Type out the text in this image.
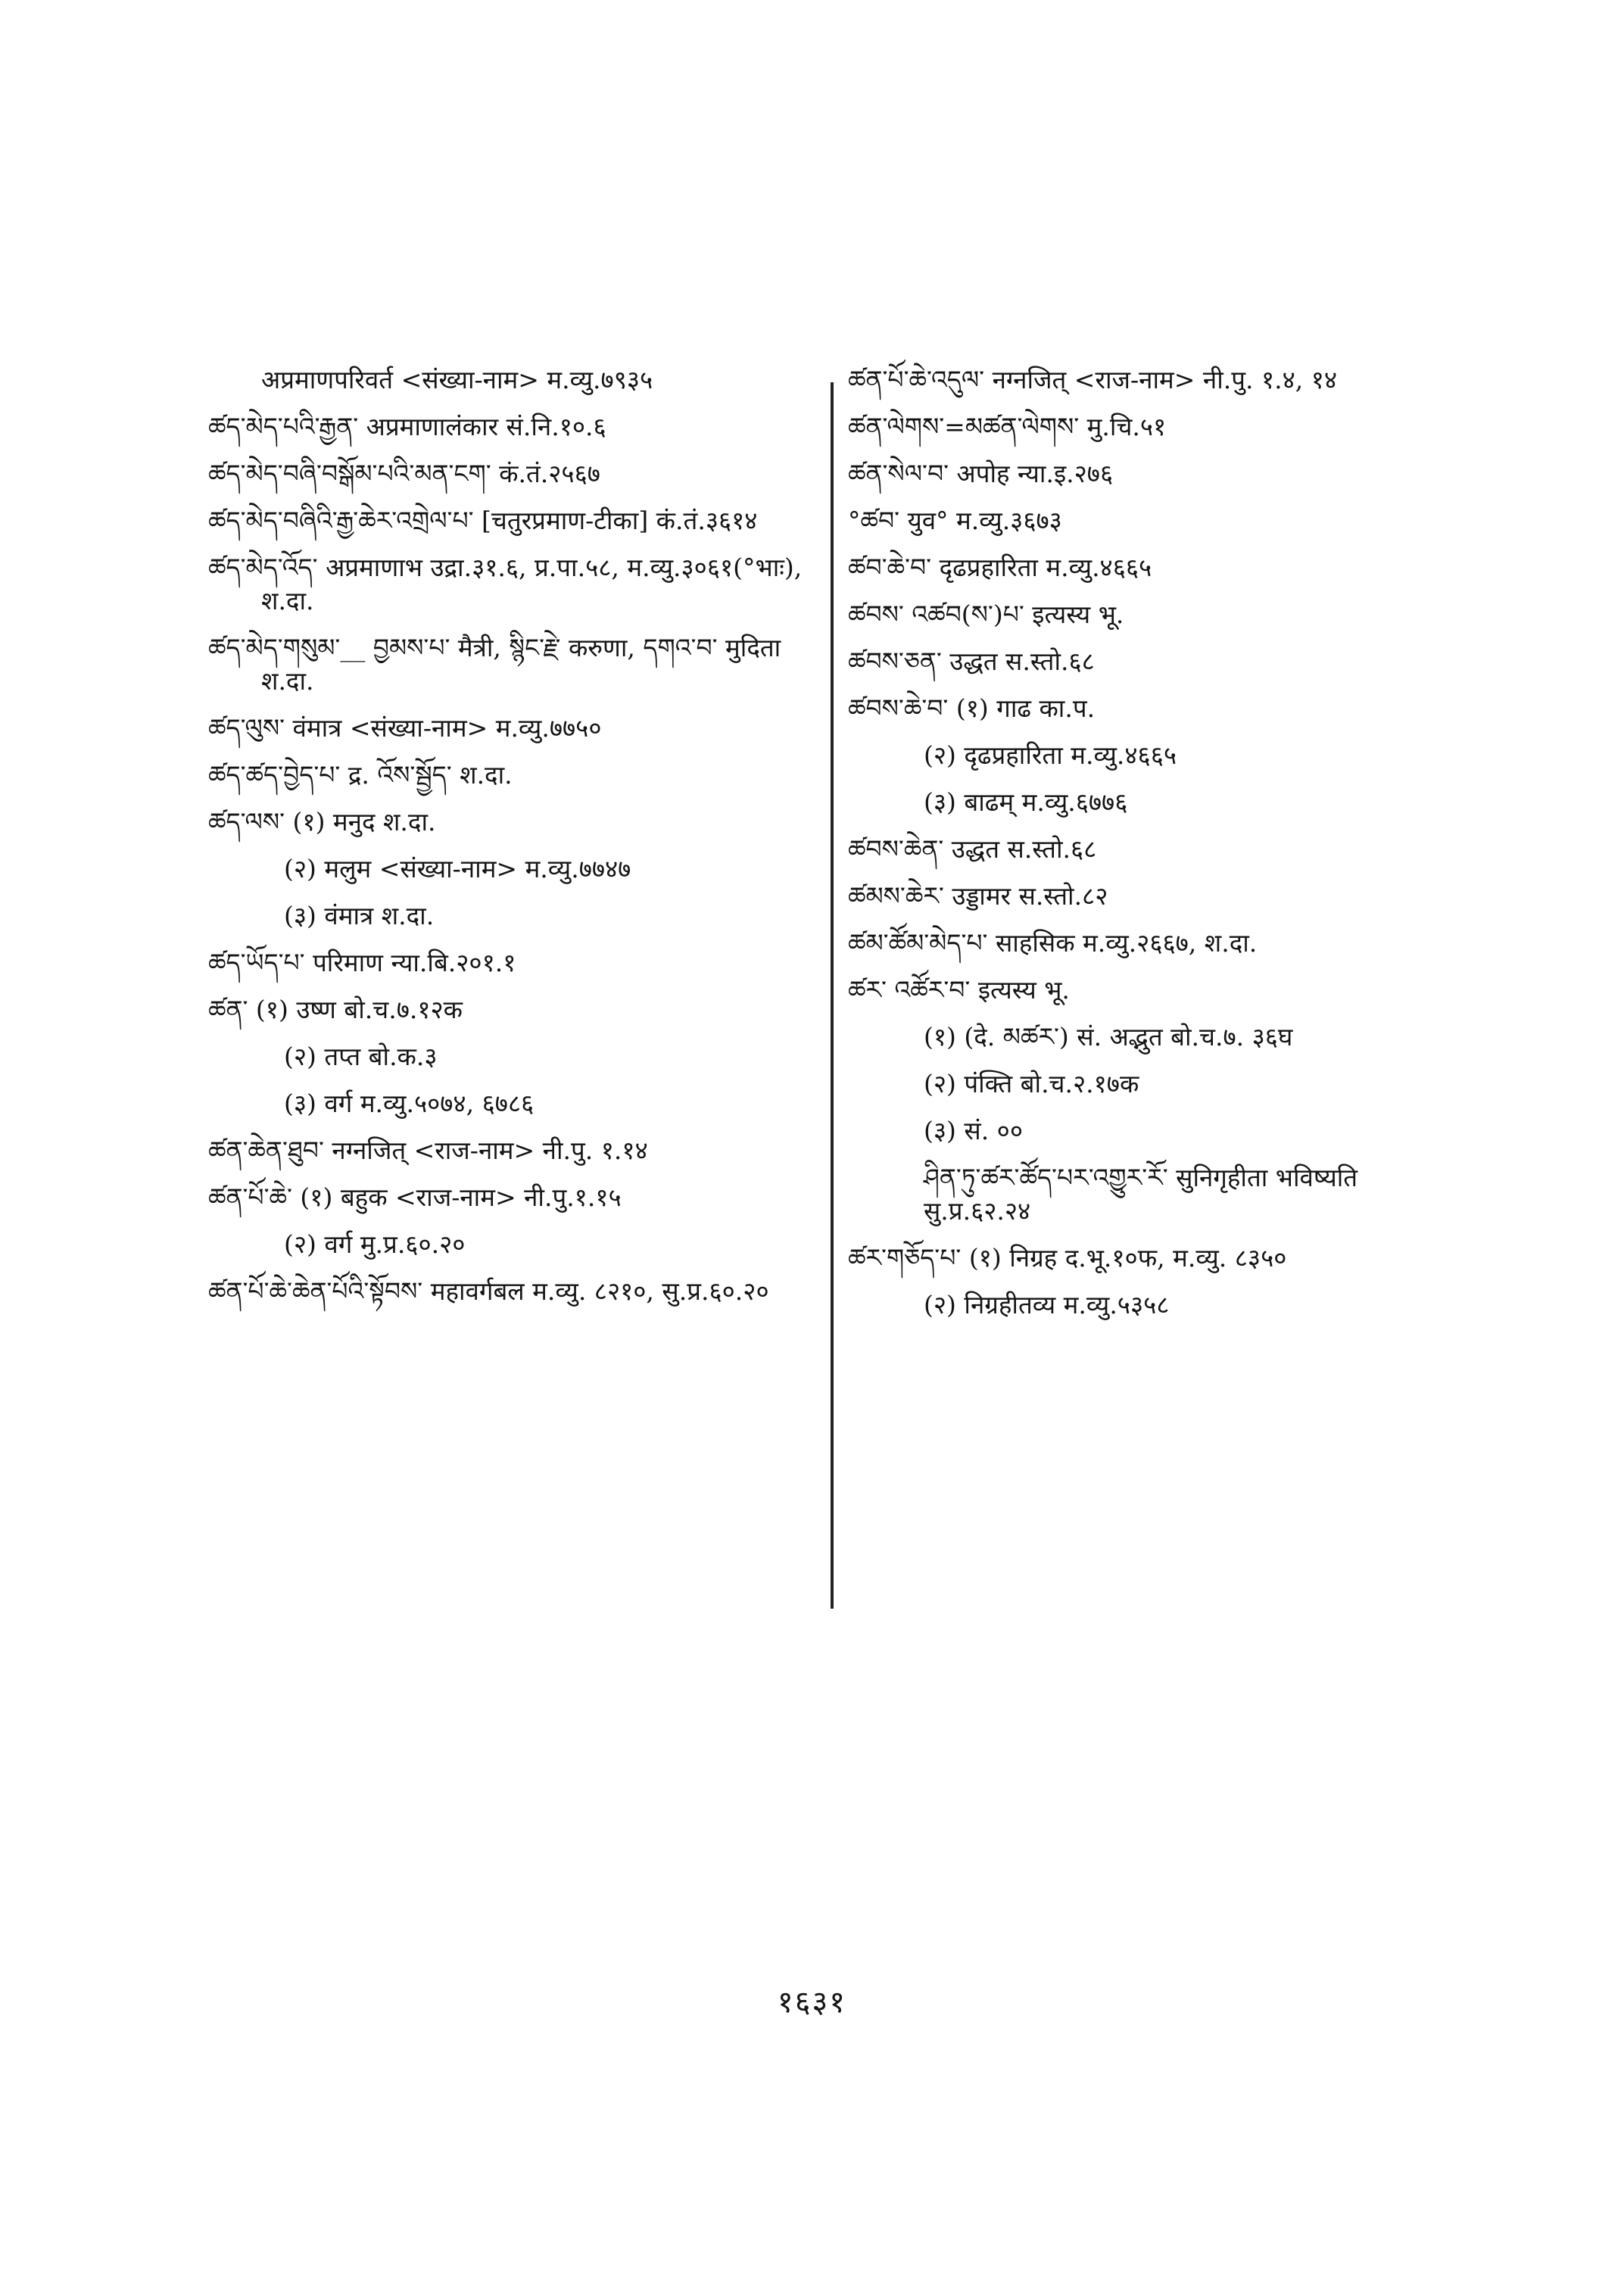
अप्रमाणपरिवर्त <संख्या-नाम> म.व्यु.७९३५
ཚད་མེད་པའི་རྒྱན་ अप्रमाणालंकार सं.नि.१०.६
ཚད་མེད་བཞི་བསྒོམ་པའི་མན་ངག་ कं.तं.२५६७
ཚད་མེད་བཞིའི་རྒྱ་ཆེར་འགྲེལ་པ་ [चतुरप्रमाण-टीका] कं.तं.३६१४
ཚད་མེད་འོད་ अप्रमाणाभ उद्रा.३१.६, प्र.पा.५८, म.व्यु.३०६१(°भाः), श.दा.
ཚད་མེད་གསུམ་__ བྱམས་པ་ मैत्री, སྙིང་རྗེ་ करुणा, དགའ་བ་ मुदिता श.दा.
ཚད་ལུས་ वंमात्र <संख्या-नाम> म.व्यु.७७५०
ཚད་ཚད་བྱེད་པ་ द्र. འོས་སྦྱོད་ श.दा.
ཚད་ལས་ (१) मनुद श.दा.
(२) मलुम <संख्या-नाम> म.व्यु.७७४७
(३) वंमात्र श.दा.
ཚད་ཡོད་པ་ परिमाण न्या.बि.२०१.१
ཚན་ (१) उष्ण बो.च.७.१२क
(२) तप्त बो.क.३
(३) वर्ग म.व्यु.५०७४, ६७८६
ཚན་ཆེན་ཐུབ་ नग्नजित् <राज-नाम> नी.पु. १.१४
ཚན་པོ་ཆེ་ (१) बहुक <राज-नाम> नी.पु.१.१५
(२) वर्ग मु.प्र.६०.२०
ཚན་པོ་ཆེ་ཆེན་པོའི་སྟོབས་ महावर्गबल म.व्यु. ८२१०, सु.प्र.६०.२०
ཚན་པོ་ཆེ་འདུལ་ नग्नजित् <राज-नाम> नी.पु. १.४, १४
ཚན་ལེགས་=མཚན་ལེགས་ मु.चि.५१
ཚན་སེལ་བ་ अपोह न्या.इ.२७६
°ཚབ་ युव° म.व्यु.३६७३
ཚབ་ཆེ་བ་ दृढप्रहारिता म.व्यु.४६६५
ཚབས་ འཚབ(ས་)པ་ इत्यस्य भू.
ཚབས་ཅན་ उद्धत स.स्तो.६८
ཚབས་ཆེ་བ་ (१) गाढ का.प.
(२) दृढप्रहारिता म.व्यु.४६६५
(३) बाढम् म.व्यु.६७७६
ཚབས་ཆེན་ उद्धत स.स्तो.६८
ཚམས་ཆེར་ उड्डामर स.स्तो.८२
ཚམ་ཚོམ་མེད་པ་ साहसिक म.व्यु.२६६७, श.दा.
ཚར་ འཚོར་བ་ इत्यस्य भू.
(१) (दे. མཚར་) सं. अद्भुत बो.च.७. ३६घ
(२) पंक्ति बो.च.२.१७क
(३) सं. ००
ཤིན་ཏུ་ཚར་ཚོད་པར་འགྱུར་རོ་ सुनिगृहीता भविष्यति सु.प्र.६२.२४
ཚར་གཅོད་པ་ (१) निग्रह द.भू.१०फ, म.व्यु. ८३५०
(२) निग्रहीतव्य म.व्यु.५३५८
१६३१
